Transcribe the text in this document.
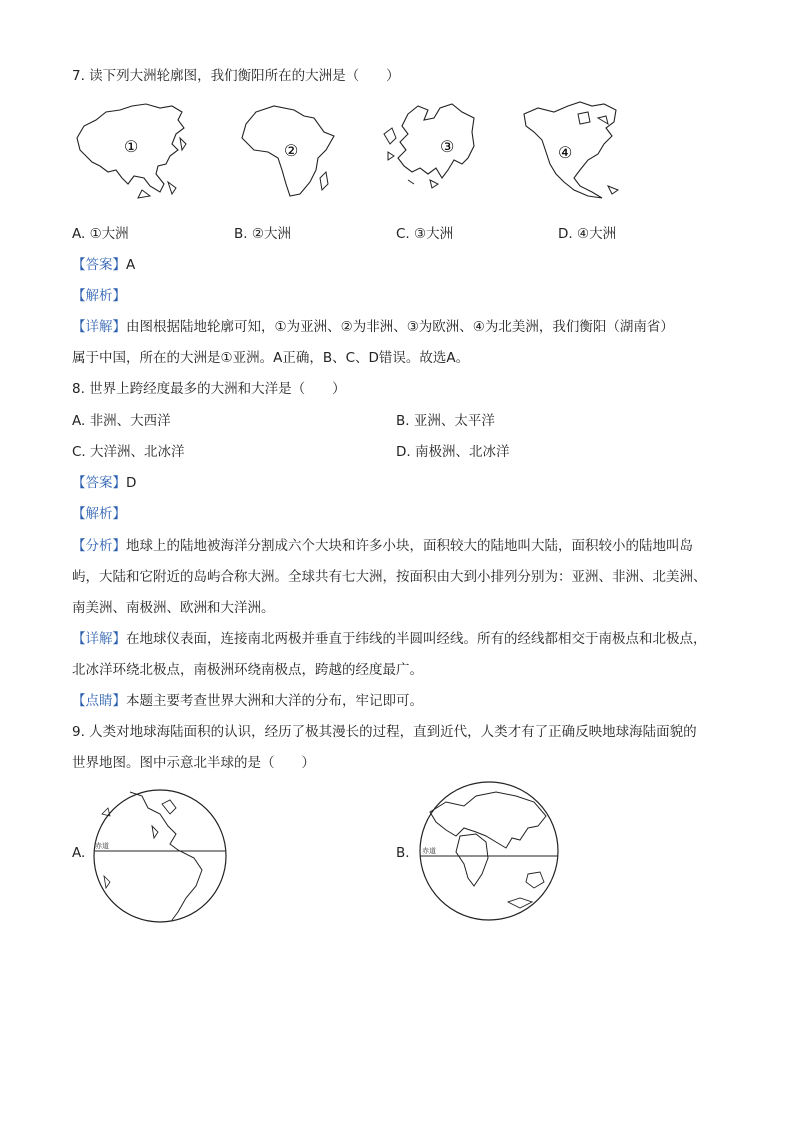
7. 读下列大洲轮廓图，我们衡阳所在的大洲是（　　）
①	②	③	④
A. ①大洲	B. ②大洲	C. ③大洲	D. ④大洲
【答案】A
【解析】
【详解】由图根据陆地轮廓可知，①为亚洲、②为非洲、③为欧洲、④为北美洲，我们衡阳（湖南省）
属于中国，所在的大洲是①亚洲。A正确，B、C、D错误。故选A。
8. 世界上跨经度最多的大洲和大洋是（　　）
A. 非洲、大西洋	B. 亚洲、太平洋
C. 大洋洲、北冰洋	D. 南极洲、北冰洋
【答案】D
【解析】
【分析】地球上的陆地被海洋分割成六个大块和许多小块，面积较大的陆地叫大陆，面积较小的陆地叫岛
屿，大陆和它附近的岛屿合称大洲。全球共有七大洲，按面积由大到小排列分别为：亚洲、非洲、北美洲、
南美洲、南极洲、欧洲和大洋洲。
【详解】在地球仪表面，连接南北两极并垂直于纬线的半圆叫经线。所有的经线都相交于南极点和北极点，
北冰洋环绕北极点，南极洲环绕南极点，跨越的经度最广。
【点睛】本题主要考查世界大洲和大洋的分布，牢记即可。
9. 人类对地球海陆面积的认识，经历了极其漫长的过程，直到近代，人类才有了正确反映地球海陆面貌的
世界地图。图中示意北半球的是（　　）
A. 赤道	B. 赤道
